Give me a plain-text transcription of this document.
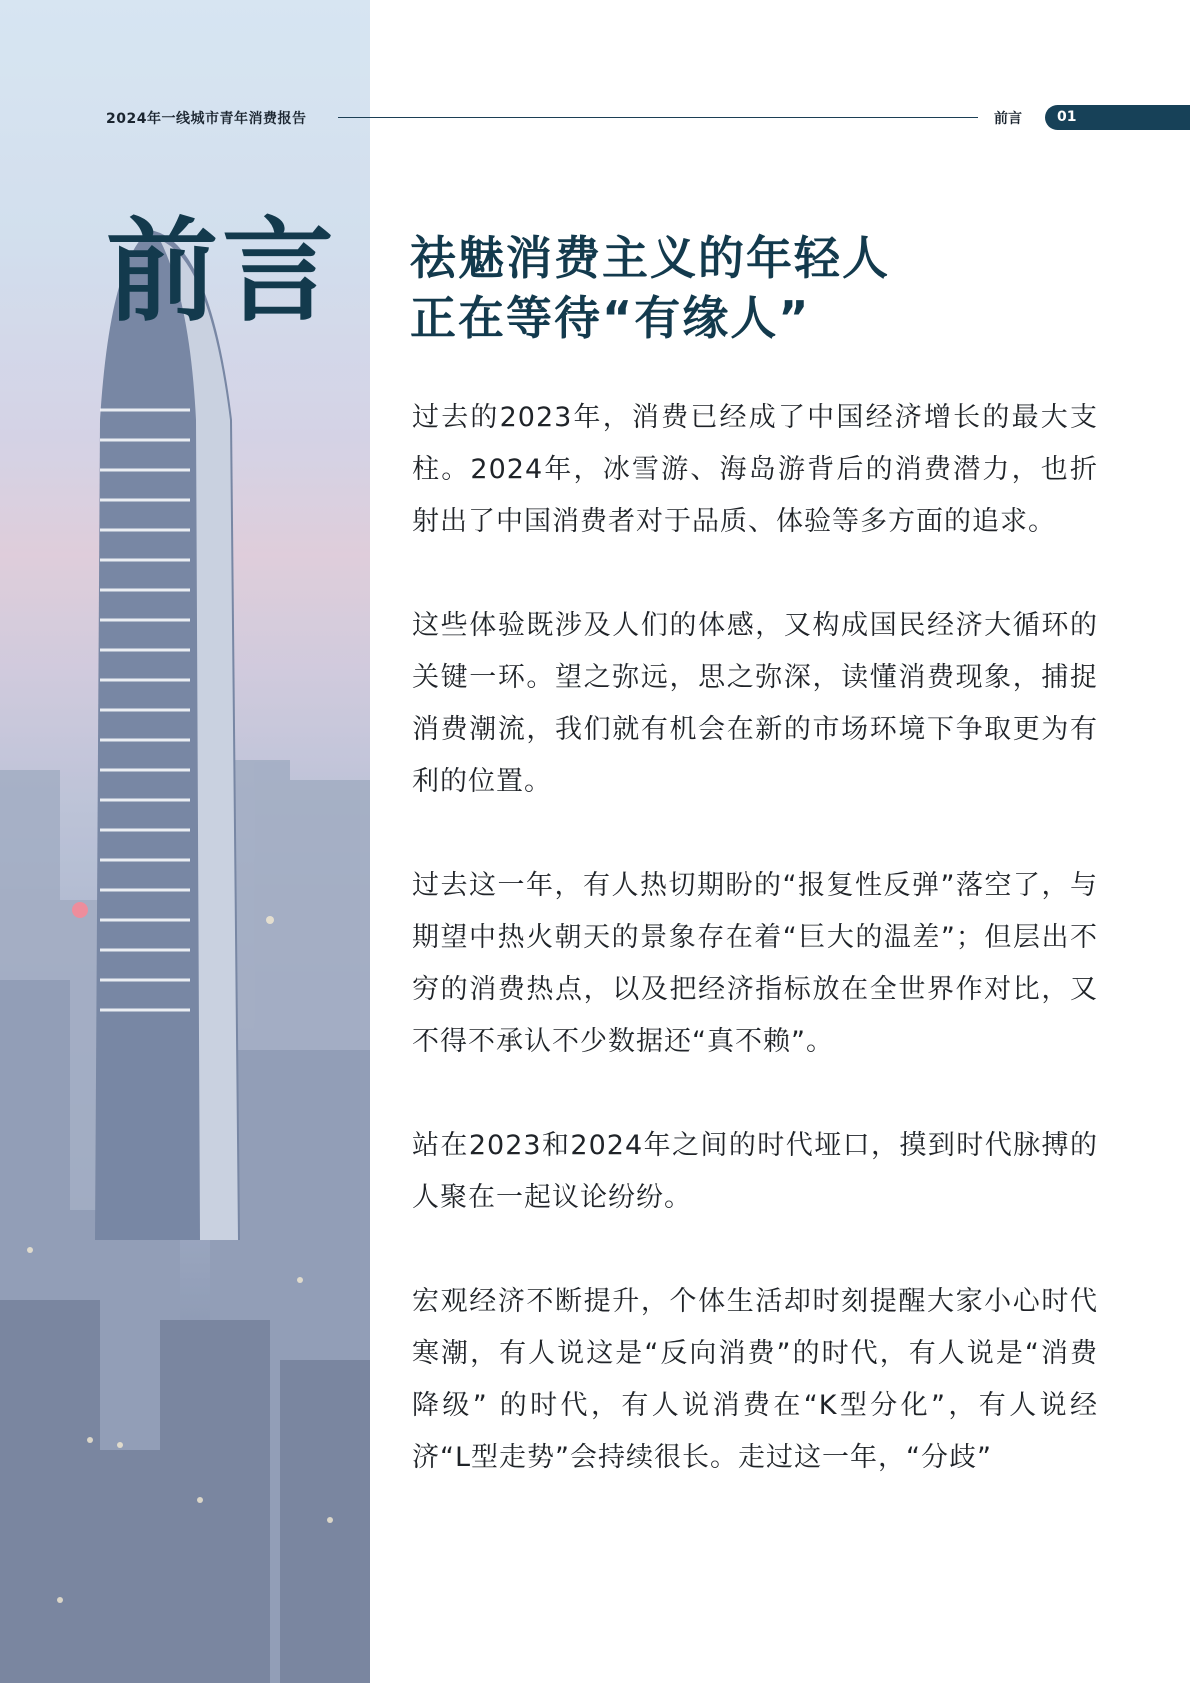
2024年一线城市青年消费报告	前言	01
前言 祛魅消费主义的年轻人
正在等待“有缘人”

过去的2023年，消费已经成了中国经济增长的最大支柱。2024年，冰雪游、海岛游背后的消费潜力，也折射出了中国消费者对于品质、体验等多方面的追求。

这些体验既涉及人们的体感，又构成国民经济大循环的关键一环。望之弥远，思之弥深，读懂消费现象，捕捉消费潮流，我们就有机会在新的市场环境下争取更为有利的位置。

过去这一年，有人热切期盼的“报复性反弹”落空了，与期望中热火朝天的景象存在着“巨大的温差”；但层出不穷的消费热点，以及把经济指标放在全世界作对比，又不得不承认不少数据还“真不赖”。

站在2023和2024年之间的时代垭口，摸到时代脉搏的人聚在一起议论纷纷。

宏观经济不断提升，个体生活却时刻提醒大家小心时代寒潮，有人说这是“反向消费”的时代，有人说是“消费降级” 的时代，有人说消费在“K型分化”，有人说经济“L型走势”会持续很长。走过这一年，“分歧”
